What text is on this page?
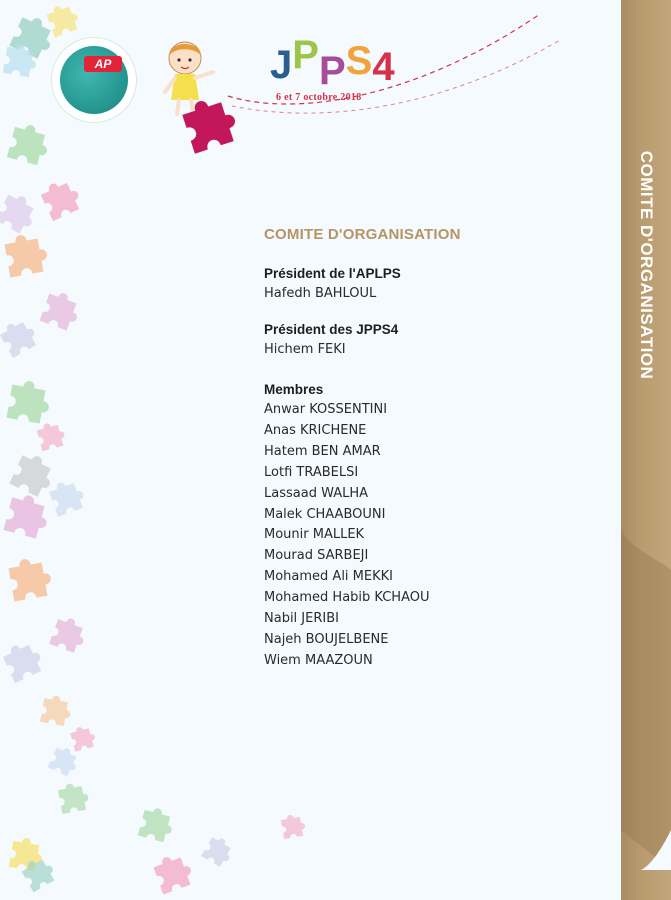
AP	JPPS4
6 et 7 octobre 2018
COMITE D'ORGANISATION
COMITE D'ORGANISATION
Président de l'APLPS
Hafedh BAHLOUL
Président des JPPS4
Hichem FEKI
Membres
Anwar KOSSENTINI
Anas KRICHENE
Hatem BEN AMAR
Lotfi TRABELSI
Lassaad WALHA
Malek CHAABOUNI
Mounir MALLEK
Mourad SARBEJI
Mohamed Ali MEKKI
Mohamed Habib KCHAOU
Nabil JERIBI
Najeh BOUJELBENE
Wiem MAAZOUN
